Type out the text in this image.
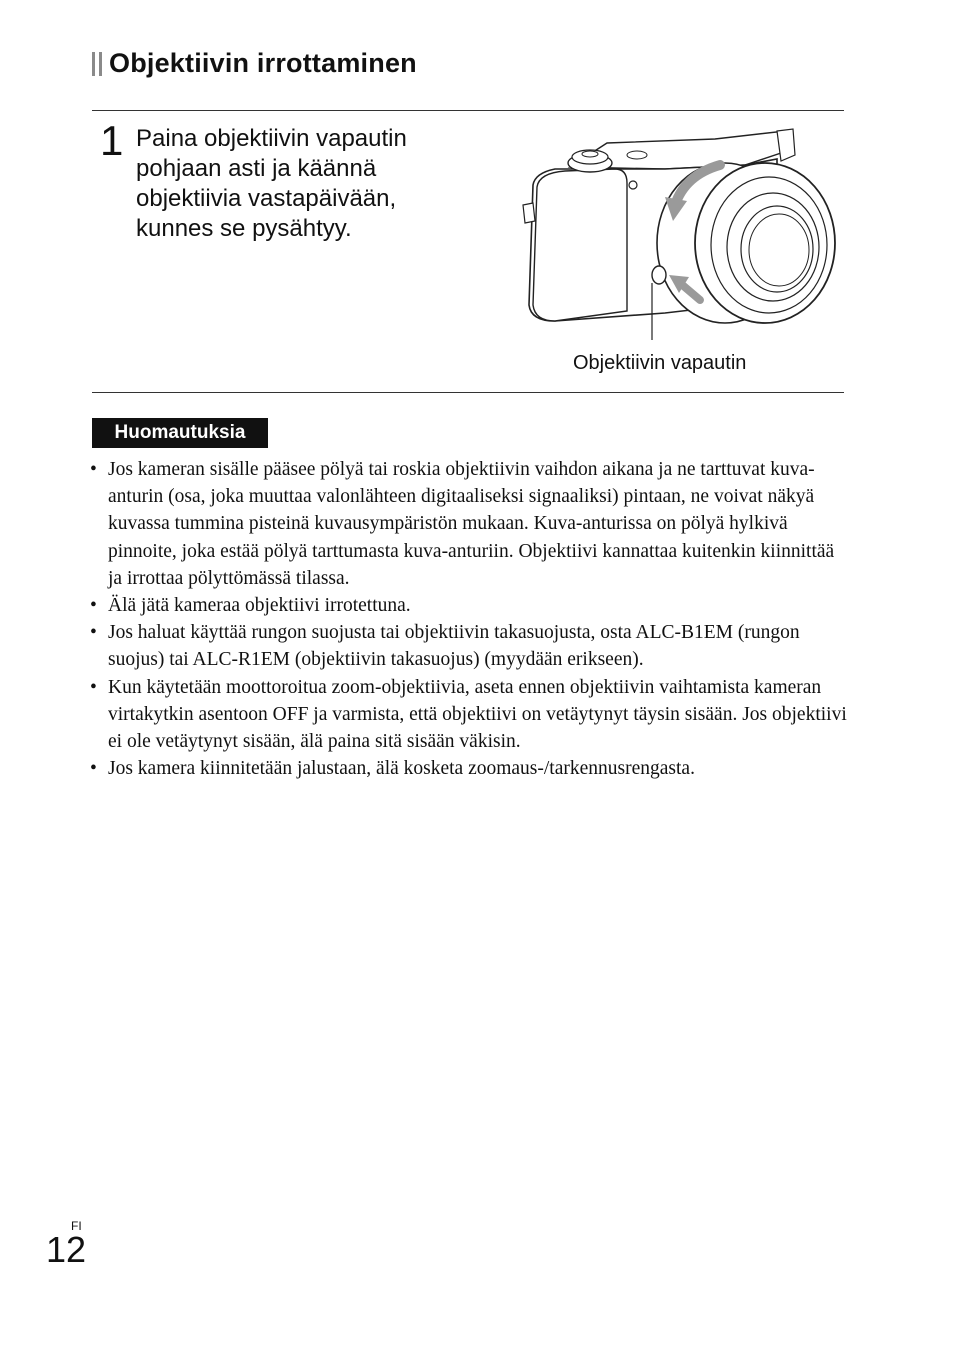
Objektiivin irrottaminen
1 Paina objektiivin vapautin
pohjaan asti ja käännä
objektiivia vastapäivään,
kunnes se pysähtyy.
Objektiivin vapautin
Huomautuksia
• Jos kameran sisälle pääsee pölyä tai roskia objektiivin vaihdon aikana ja ne tarttuvat kuva-anturin (osa, joka muuttaa valonlähteen digitaaliseksi signaaliksi) pintaan, ne voivat näkyä kuvassa tummina pisteinä kuvausympäristön mukaan. Kuva-anturissa on pölyä hylkivä pinnoite, joka estää pölyä tarttumasta kuva-anturiin. Objektiivi kannattaa kuitenkin kiinnittää ja irrottaa pölyttömässä tilassa.
• Älä jätä kameraa objektiivi irrotettuna.
• Jos haluat käyttää rungon suojusta tai objektiivin takasuojusta, osta ALC-B1EM (rungon suojus) tai ALC-R1EM (objektiivin takasuojus) (myydään erikseen).
• Kun käytetään moottoroitua zoom-objektiivia, aseta ennen objektiivin vaihtamista kameran virtakytkin asentoon OFF ja varmista, että objektiivi on vetäytynyt täysin sisään. Jos objektiivi ei ole vetäytynyt sisään, älä paina sitä sisään väkisin.
• Jos kamera kiinnitetään jalustaan, älä kosketa zoomaus-/tarkennusrengasta.
FI
12
